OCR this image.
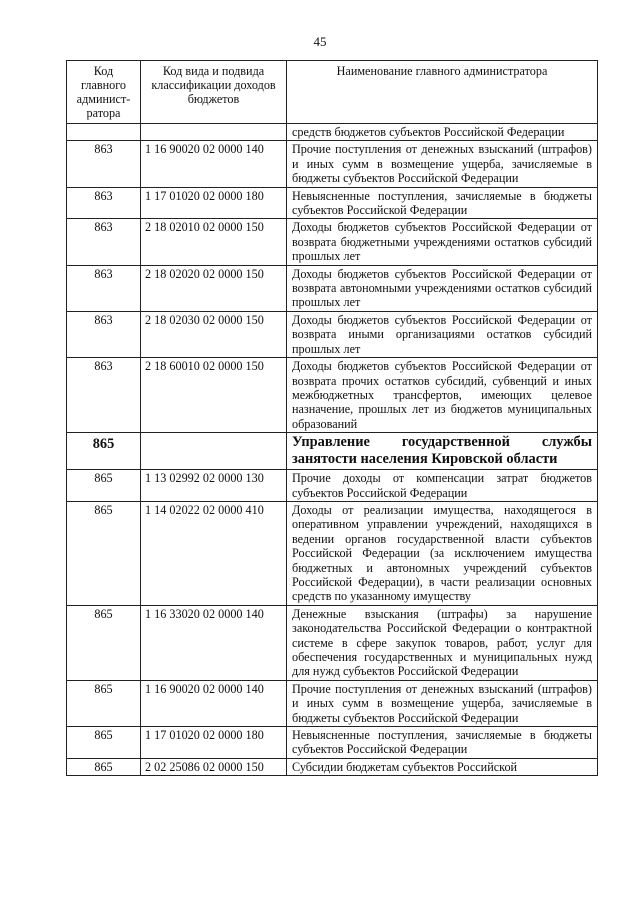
45
Код главного админист-ратора	Код вида и подвида классификации доходов бюджетов	Наименование главного администратора
		средств бюджетов субъектов Российской Федерации
863	1 16 90020 02 0000 140	Прочие поступления от денежных взысканий (штрафов) и иных сумм в возмещение ущерба, зачисляемые в бюджеты субъектов Российской Федерации
863	1 17 01020 02 0000 180	Невыясненные поступления, зачисляемые в бюджеты субъектов Российской Федерации
863	2 18 02010 02 0000 150	Доходы бюджетов субъектов Российской Федерации от возврата бюджетными учреждениями остатков субсидий прошлых лет
863	2 18 02020 02 0000 150	Доходы бюджетов субъектов Российской Федерации от возврата автономными учреждениями остатков субсидий прошлых лет
863	2 18 02030 02 0000 150	Доходы бюджетов субъектов Российской Федерации от возврата иными организациями остатков субсидий прошлых лет
863	2 18 60010 02 0000 150	Доходы бюджетов субъектов Российской Федерации от возврата прочих остатков субсидий, субвенций и иных межбюджетных трансфертов, имеющих целевое назначение, прошлых лет из бюджетов муниципальных образований
865		Управление государственной службы занятости населения Кировской области
865	1 13 02992 02 0000 130	Прочие доходы от компенсации затрат бюджетов субъектов Российской Федерации
865	1 14 02022 02 0000 410	Доходы от реализации имущества, находящегося в оперативном управлении учреждений, находящихся в ведении органов государственной власти субъектов Российской Федерации (за исключением имущества бюджетных и автономных учреждений субъектов Российской Федерации), в части реализации основных средств по указанному имуществу
865	1 16 33020 02 0000 140	Денежные взыскания (штрафы) за нарушение законодательства Российской Федерации о контрактной системе в сфере закупок товаров, работ, услуг для обеспечения государственных и муниципальных нужд для нужд субъектов Российской Федерации
865	1 16 90020 02 0000 140	Прочие поступления от денежных взысканий (штрафов) и иных сумм в возмещение ущерба, зачисляемые в бюджеты субъектов Российской Федерации
865	1 17 01020 02 0000 180	Невыясненные поступления, зачисляемые в бюджеты субъектов Российской Федерации
865	2 02 25086 02 0000 150	Субсидии бюджетам субъектов Российской
